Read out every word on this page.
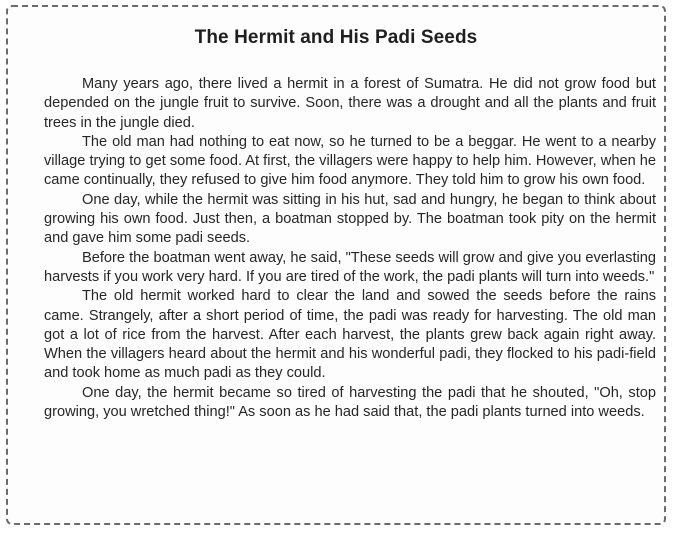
The Hermit and His Padi Seeds

Many years ago, there lived a hermit in a forest of Sumatra. He did not grow food but depended on the jungle fruit to survive. Soon, there was a drought and all the plants and fruit trees in the jungle died.

The old man had nothing to eat now, so he turned to be a beggar. He went to a nearby village trying to get some food. At first, the villagers were happy to help him. However, when he came continually, they refused to give him food anymore. They told him to grow his own food.

One day, while the hermit was sitting in his hut, sad and hungry, he began to think about growing his own food. Just then, a boatman stopped by. The boatman took pity on the hermit and gave him some padi seeds.

Before the boatman went away, he said, "These seeds will grow and give you everlasting harvests if you work very hard. If you are tired of the work, the padi plants will turn into weeds."

The old hermit worked hard to clear the land and sowed the seeds before the rains came. Strangely, after a short period of time, the padi was ready for harvesting. The old man got a lot of rice from the harvest. After each harvest, the plants grew back again right away. When the villagers heard about the hermit and his wonderful padi, they flocked to his padi-field and took home as much padi as they could.

One day, the hermit became so tired of harvesting the padi that he shouted, "Oh, stop growing, you wretched thing!" As soon as he had said that, the padi plants turned into weeds.
